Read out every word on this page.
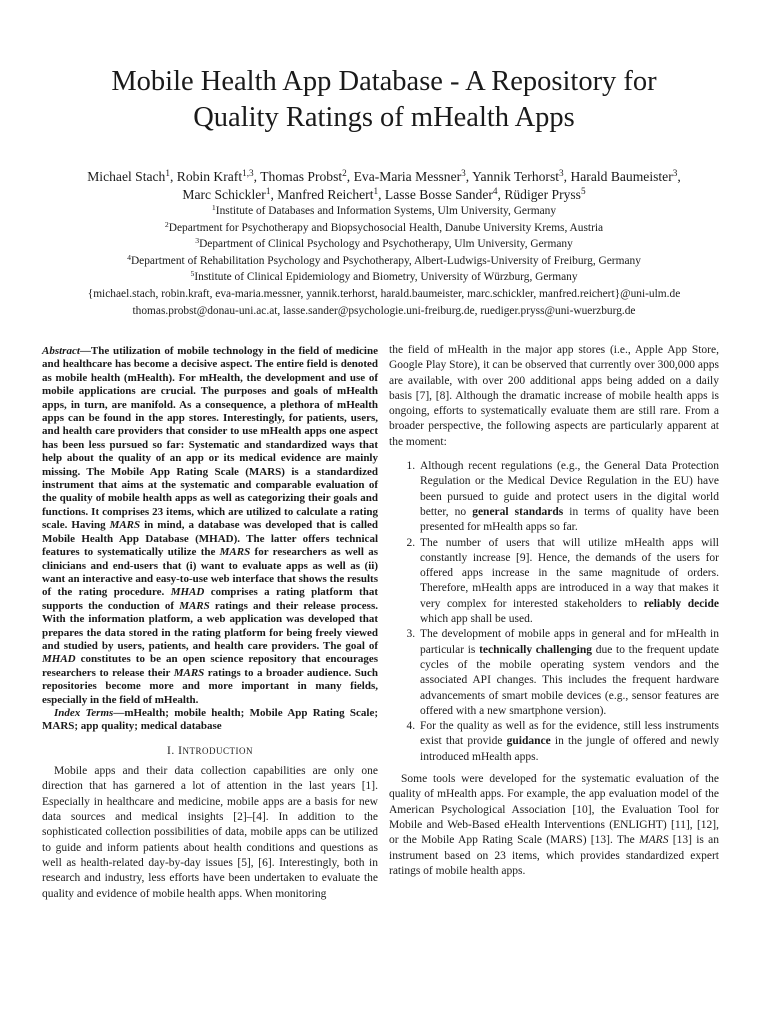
Mobile Health App Database - A Repository for
Quality Ratings of mHealth Apps
Michael Stach$^1$, Robin Kraft$^{1,3}$, Thomas Probst$^2$, Eva-Maria Messner$^3$, Yannik Terhorst$^3$, Harald Baumeister$^3$,
Marc Schickler$^1$, Manfred Reichert$^1$, Lasse Bosse Sander$^4$, Rüdiger Pryss$^5$
$^1$Institute of Databases and Information Systems, Ulm University, Germany
$^2$Department for Psychotherapy and Biopsychosocial Health, Danube University Krems, Austria
$^3$Department of Clinical Psychology and Psychotherapy, Ulm University, Germany
$^4$Department of Rehabilitation Psychology and Psychotherapy, Albert-Ludwigs-University of Freiburg, Germany
$^5$Institute of Clinical Epidemiology and Biometry, University of Würzburg, Germany
{michael.stach, robin.kraft, eva-maria.messner, yannik.terhorst, harald.baumeister, marc.schickler, manfred.reichert}@uni-ulm.de
thomas.probst@donau-uni.ac.at, lasse.sander@psychologie.uni-freiburg.de, ruediger.pryss@uni-wuerzburg.de

Abstract—The utilization of mobile technology in the field of medicine and healthcare has become a decisive aspect. The entire field is denoted as mobile health (mHealth). For mHealth, the development and use of mobile applications are crucial. The purposes and goals of mHealth apps, in turn, are manifold. As a consequence, a plethora of mHealth apps can be found in the app stores. Interestingly, for patients, users, and health care providers that consider to use mHealth apps one aspect has been less pursued so far: Systematic and standardized ways that help about the quality of an app or its medical evidence are mainly missing. The Mobile App Rating Scale (MARS) is a standardized instrument that aims at the systematic and comparable evaluation of the quality of mobile health apps as well as categorizing their goals and functions. It comprises 23 items, which are utilized to calculate a rating scale. Having MARS in mind, a database was developed that is called Mobile Health App Database (MHAD). The latter offers technical features to systematically utilize the MARS for researchers as well as clinicians and end-users that (i) want to evaluate apps as well as (ii) want an interactive and easy-to-use web interface that shows the results of the rating procedure. MHAD comprises a rating platform that supports the conduction of MARS ratings and their release process. With the information platform, a web application was developed that prepares the data stored in the rating platform for being freely viewed and studied by users, patients, and health care providers. The goal of MHAD constitutes to be an open science repository that encourages researchers to release their MARS ratings to a broader audience. Such repositories become more and more important in many fields, especially in the field of mHealth.

Index Terms—mHealth; mobile health; Mobile App Rating Scale; MARS; app quality; medical database

I. INTRODUCTION

Mobile apps and their data collection capabilities are only one direction that has garnered a lot of attention in the last years [1]. Especially in healthcare and medicine, mobile apps are a basis for new data sources and medical insights [2]–[4]. In addition to the sophisticated collection possibilities of data, mobile apps can be utilized to guide and inform patients about health conditions and questions as well as health-related day-by-day issues [5], [6]. Interestingly, both in research and industry, less efforts have been undertaken to evaluate the quality and evidence of mobile health apps. When monitoring

the field of mHealth in the major app stores (i.e., Apple App Store, Google Play Store), it can be observed that currently over 300,000 apps are available, with over 200 additional apps being added on a daily basis [7], [8]. Although the dramatic increase of mobile health apps is ongoing, efforts to systematically evaluate them are still rare. From a broader perspective, the following aspects are particularly apparent at the moment:

1. Although recent regulations (e.g., the General Data Protection Regulation or the Medical Device Regulation in the EU) have been pursued to guide and protect users in the digital world better, no general standards in terms of quality have been presented for mHealth apps so far.
2. The number of users that will utilize mHealth apps will constantly increase [9]. Hence, the demands of the users for offered apps increase in the same magnitude of orders. Therefore, mHealth apps are introduced in a way that makes it very complex for interested stakeholders to reliably decide which app shall be used.
3. The development of mobile apps in general and for mHealth in particular is technically challenging due to the frequent update cycles of the mobile operating system vendors and the associated API changes. This includes the frequent hardware advancements of smart mobile devices (e.g., sensor features are offered with a new smartphone version).
4. For the quality as well as for the evidence, still less instruments exist that provide guidance in the jungle of offered and newly introduced mHealth apps.

Some tools were developed for the systematic evaluation of the quality of mHealth apps. For example, the app evaluation model of the American Psychological Association [10], the Evaluation Tool for Mobile and Web-Based eHealth Interventions (ENLIGHT) [11], [12], or the Mobile App Rating Scale (MARS) [13]. The MARS [13] is an instrument based on 23 items, which provides standardized expert ratings of mobile health apps.
